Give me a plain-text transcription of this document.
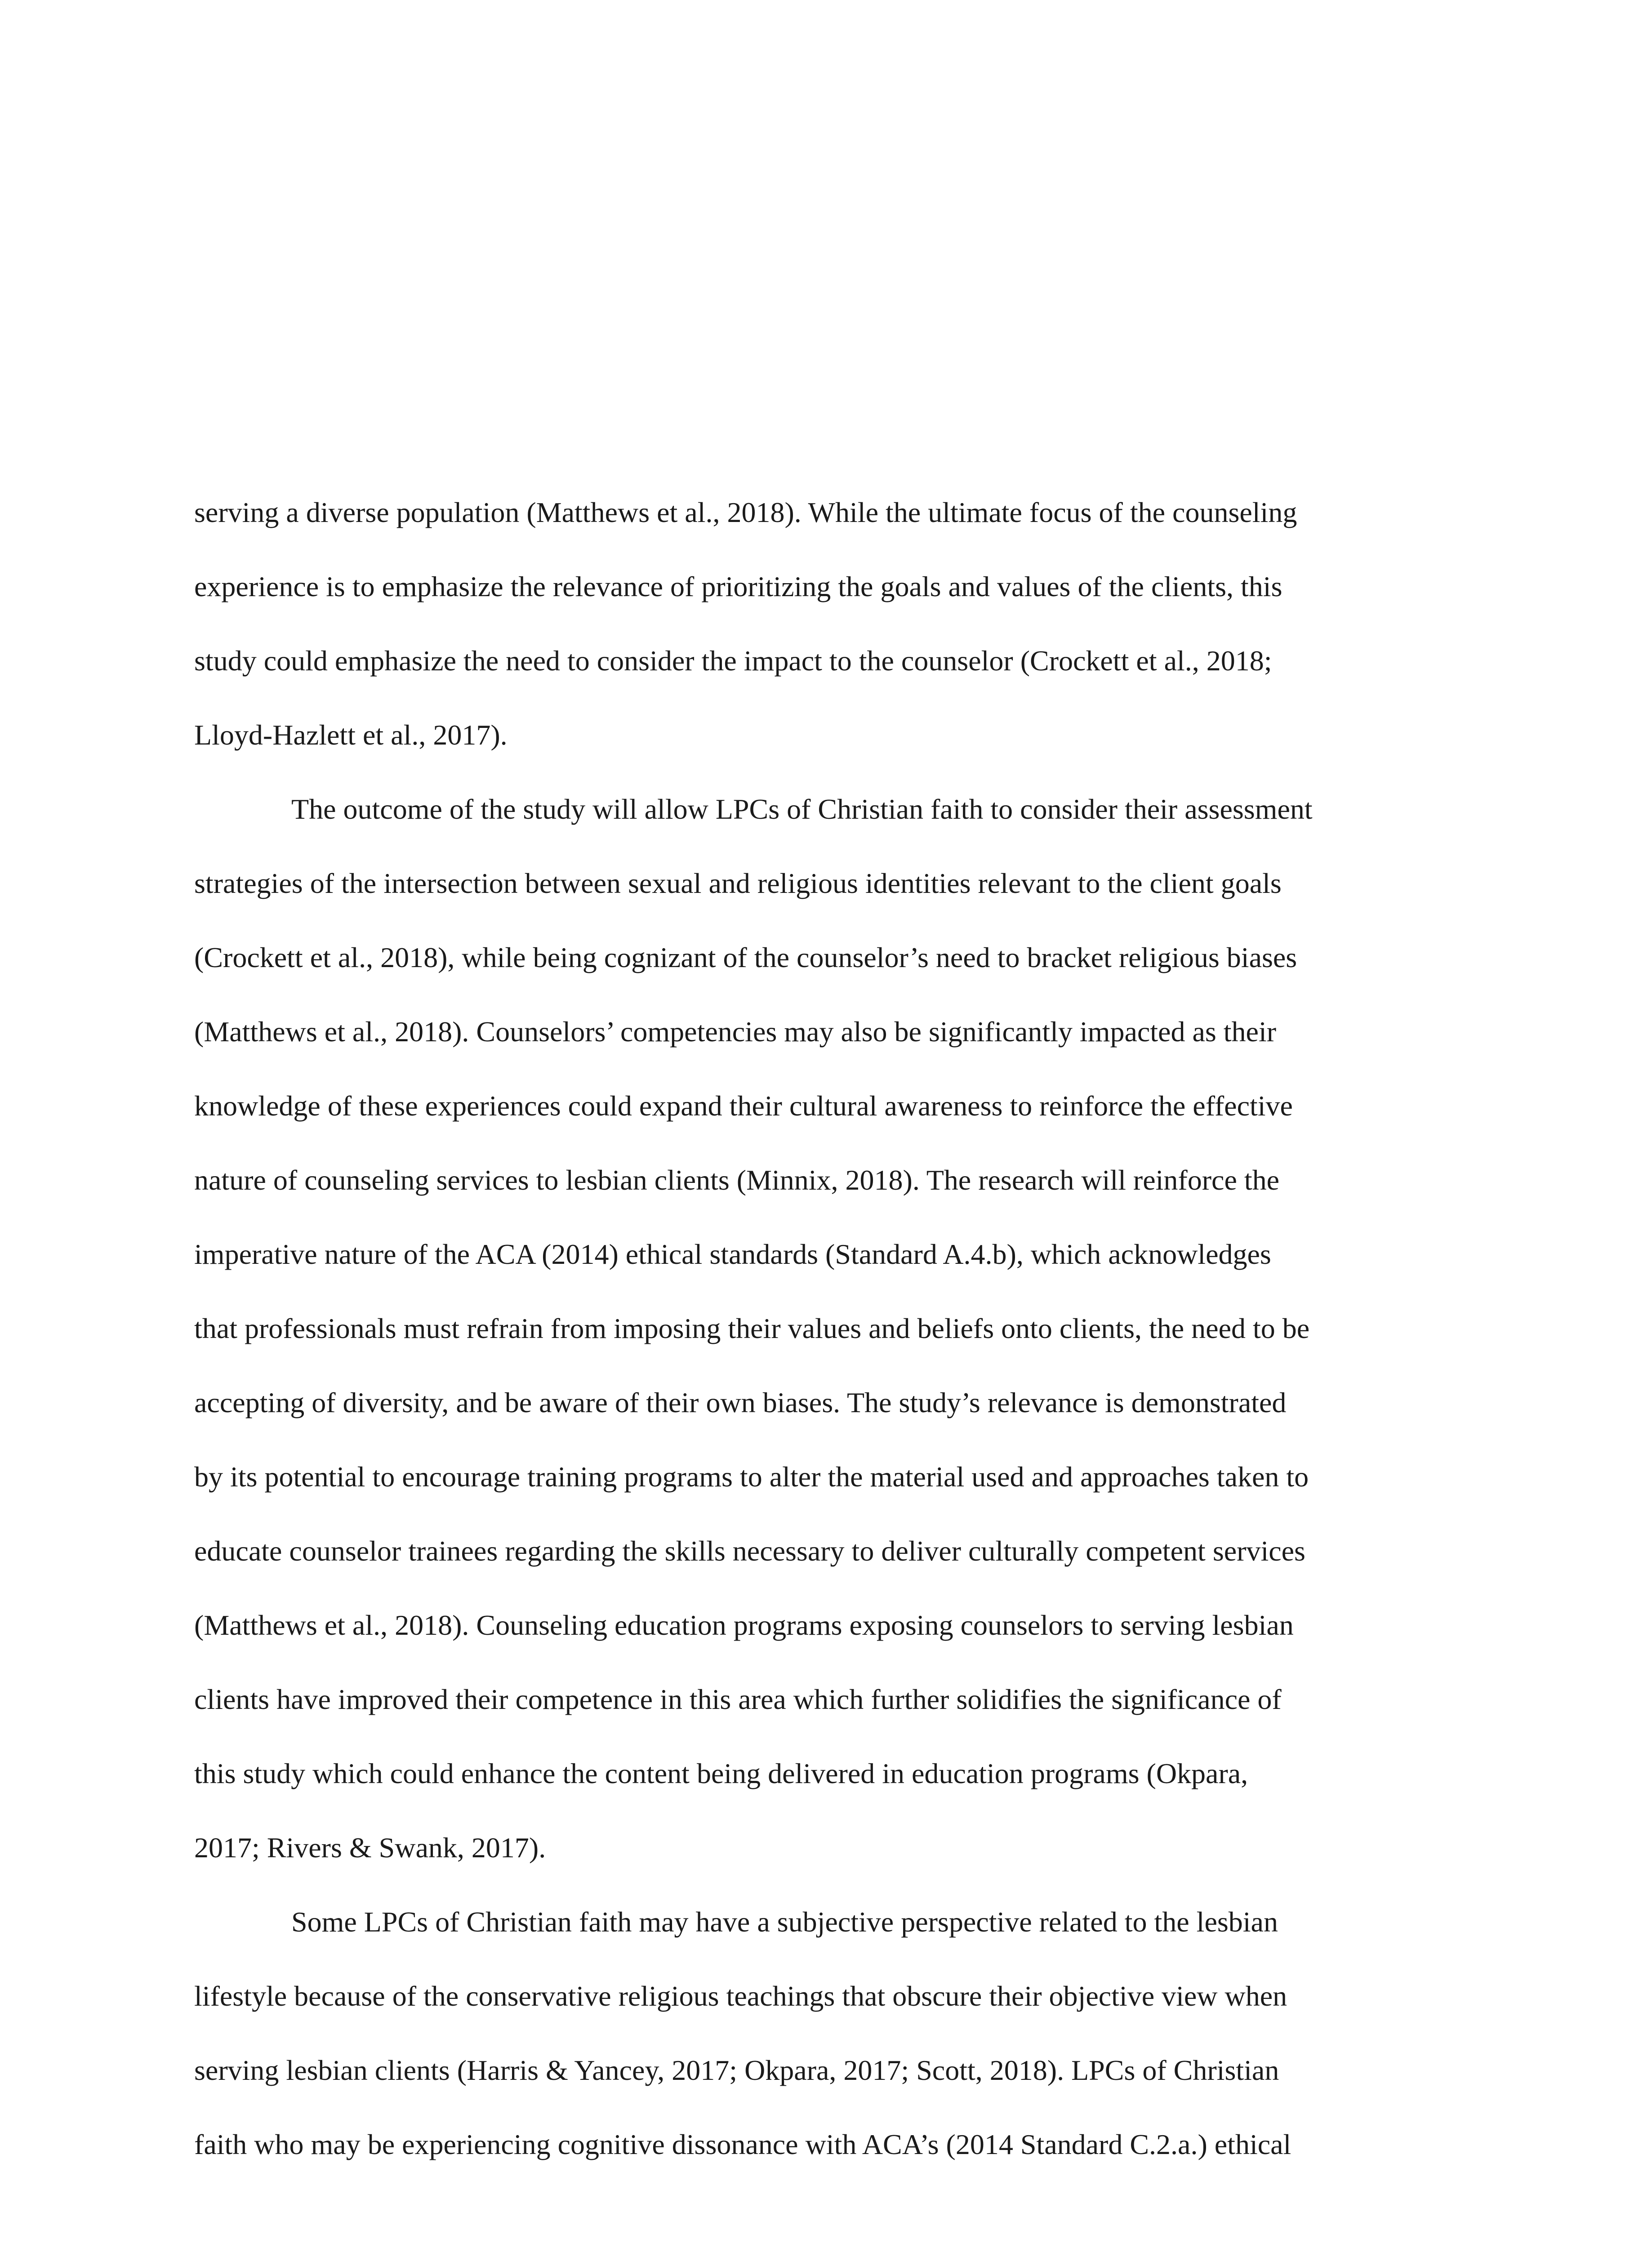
serving a diverse population (Matthews et al., 2018). While the ultimate focus of the counseling
experience is to emphasize the relevance of prioritizing the goals and values of the clients, this
study could emphasize the need to consider the impact to the counselor (Crockett et al., 2018;
Lloyd-Hazlett et al., 2017).
The outcome of the study will allow LPCs of Christian faith to consider their assessment
strategies of the intersection between sexual and religious identities relevant to the client goals
(Crockett et al., 2018), while being cognizant of the counselor’s need to bracket religious biases
(Matthews et al., 2018). Counselors’ competencies may also be significantly impacted as their
knowledge of these experiences could expand their cultural awareness to reinforce the effective
nature of counseling services to lesbian clients (Minnix, 2018). The research will reinforce the
imperative nature of the ACA (2014) ethical standards (Standard A.4.b), which acknowledges
that professionals must refrain from imposing their values and beliefs onto clients, the need to be
accepting of diversity, and be aware of their own biases. The study’s relevance is demonstrated
by its potential to encourage training programs to alter the material used and approaches taken to
educate counselor trainees regarding the skills necessary to deliver culturally competent services
(Matthews et al., 2018). Counseling education programs exposing counselors to serving lesbian
clients have improved their competence in this area which further solidifies the significance of
this study which could enhance the content being delivered in education programs (Okpara,
2017; Rivers & Swank, 2017).
Some LPCs of Christian faith may have a subjective perspective related to the lesbian
lifestyle because of the conservative religious teachings that obscure their objective view when
serving lesbian clients (Harris & Yancey, 2017; Okpara, 2017; Scott, 2018). LPCs of Christian
faith who may be experiencing cognitive dissonance with ACA’s (2014 Standard C.2.a.) ethical
